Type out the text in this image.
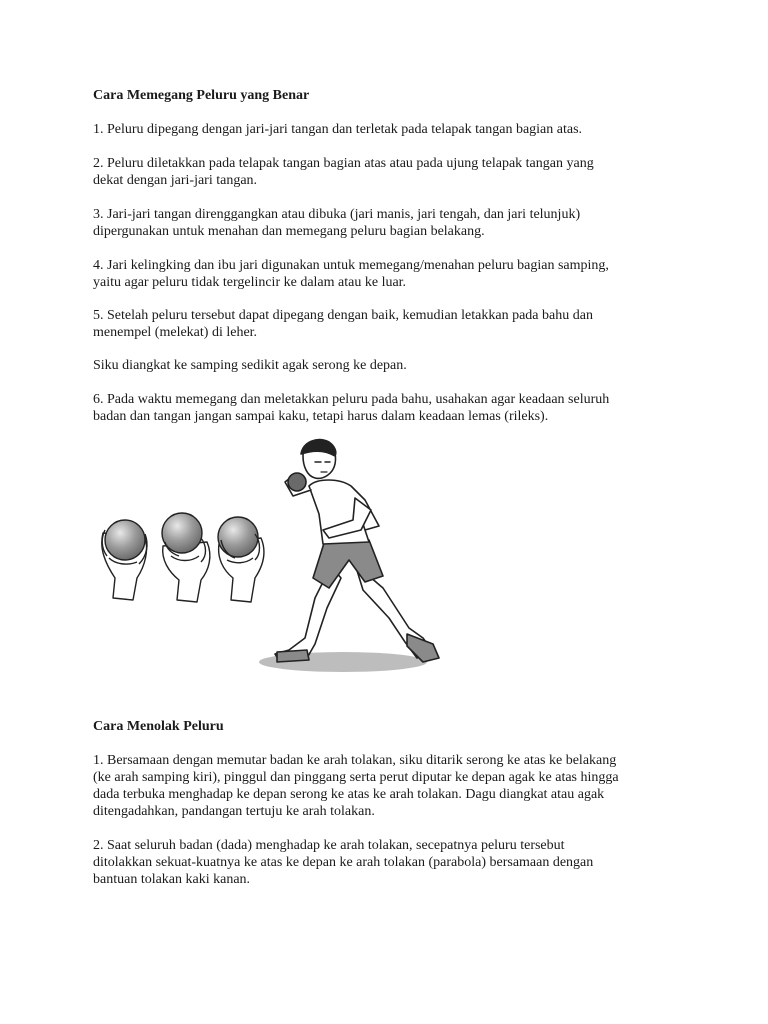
Cara Memegang Peluru yang Benar

1. Peluru dipegang dengan jari-jari tangan dan terletak pada telapak tangan bagian atas.

2. Peluru diletakkan pada telapak tangan bagian atas atau pada ujung telapak tangan yang
dekat dengan jari-jari tangan.

3. Jari-jari tangan direnggangkan atau dibuka (jari manis, jari tengah, dan jari telunjuk)
dipergunakan untuk menahan dan memegang peluru bagian belakang.

4. Jari kelingking dan ibu jari digunakan untuk memegang/menahan peluru bagian samping,
yaitu agar peluru tidak tergelincir ke dalam atau ke luar.

5. Setelah peluru tersebut dapat dipegang dengan baik, kemudian letakkan pada bahu dan
menempel (melekat) di leher.

Siku diangkat ke samping sedikit agak serong ke depan.

6. Pada waktu memegang dan meletakkan peluru pada bahu, usahakan agar keadaan seluruh
badan dan tangan jangan sampai kaku, tetapi harus dalam keadaan lemas (rileks).

Cara Menolak Peluru

1. Bersamaan dengan memutar badan ke arah tolakan, siku ditarik serong ke atas ke belakang
(ke arah samping kiri), pinggul dan pinggang serta perut diputar ke depan agak ke atas hingga
dada terbuka menghadap ke depan serong ke atas ke arah tolakan. Dagu diangkat atau agak
ditengadahkan, pandangan tertuju ke arah tolakan.

2. Saat seluruh badan (dada) menghadap ke arah tolakan, secepatnya peluru tersebut
ditolakkan sekuat-kuatnya ke atas ke depan ke arah tolakan (parabola) bersamaan dengan
bantuan tolakan kaki kanan.
